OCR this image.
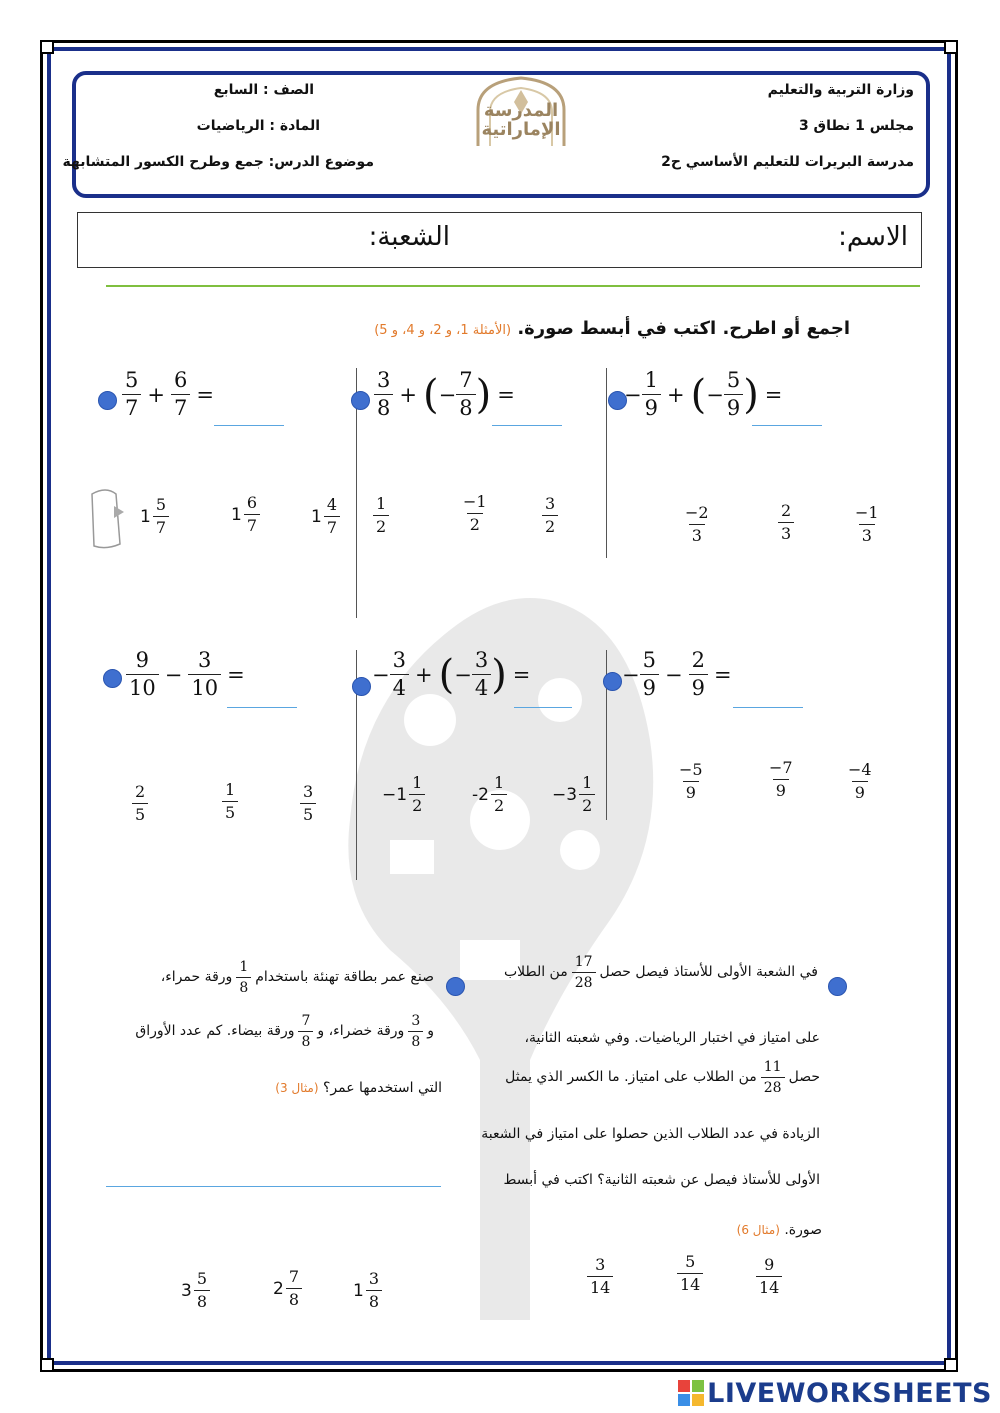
وزارة التربية والتعليم
مجلس 1 نطاق 3
مدرسة البريرات للتعليم الأساسي ح2
الصف : السابع
المادة : الرياضيات
موضوع الدرس: جمع وطرح الكسور المتشابهة
المدرسة
الإماراتية
الاسم:
الشعبة:
اجمع أو اطرح. اكتب في أبسط صورة. (الأمثلة 1، و 2، و 4، و 5)
$\frac{5}{7} + \frac{6}{7}$ =	$\frac{3}{8}$ + ( − $\frac{7}{8}$ ) =	− $\frac{1}{9}$ + ( − $\frac{5}{9}$ ) =
$1 \frac{5}{7}$	$1 \frac{6}{7}$	$1 \frac{4}{7} \frac{1}{2}$	$\frac{-1}{2}$	$\frac{3}{2}$	$\frac{-2}{3}$	$\frac{2}{3}$	$\frac{-1}{3}$
$\frac{9}{10} - \frac{3}{10}$ =	− $\frac{3}{4}$ + ( − $\frac{3}{4}$ ) =	− $\frac{5}{9} - \frac{2}{9}$ =
$\frac{2}{5}$	$\frac{1}{5}$	$\frac{3}{5}$	$-1 \frac{1}{2}$	$-2 \frac{1}{2}$	$-3 \frac{1}{2}$	$\frac{-5}{9}$	$\frac{-7}{9}$	$\frac{-4}{9}$
في الشعبة الأولى للأستاذ فيصل حصل
$\frac{17}{28}$
من الطلاب
على امتياز في اختبار الرياضيات. وفي شعبته الثانية،
حصل
$\frac{11}{28}$
من الطلاب على امتياز. ما الكسر الذي يمثل
الزيادة في عدد الطلاب الذين حصلوا على امتياز في الشعبة
الأولى للأستاذ فيصل عن شعبته الثانية؟ اكتب في أبسط
صورة. (مثال 6)
$\frac{3}{14}$	$\frac{5}{14}$	$\frac{9}{14}$
صنع عمر بطاقة تهنئة باستخدام
$\frac{1}{8}$
ورقة حمراء،
و
$\frac{3}{8}$
ورقة خضراء، و
$\frac{7}{8}$
ورقة بيضاء. كم عدد الأوراق
التي استخدمها عمر؟ (مثال 3)
$3 \frac{5}{8}$	$2 \frac{7}{8}$	$1 \frac{3}{8}$
LIVEWORKSHEETS
